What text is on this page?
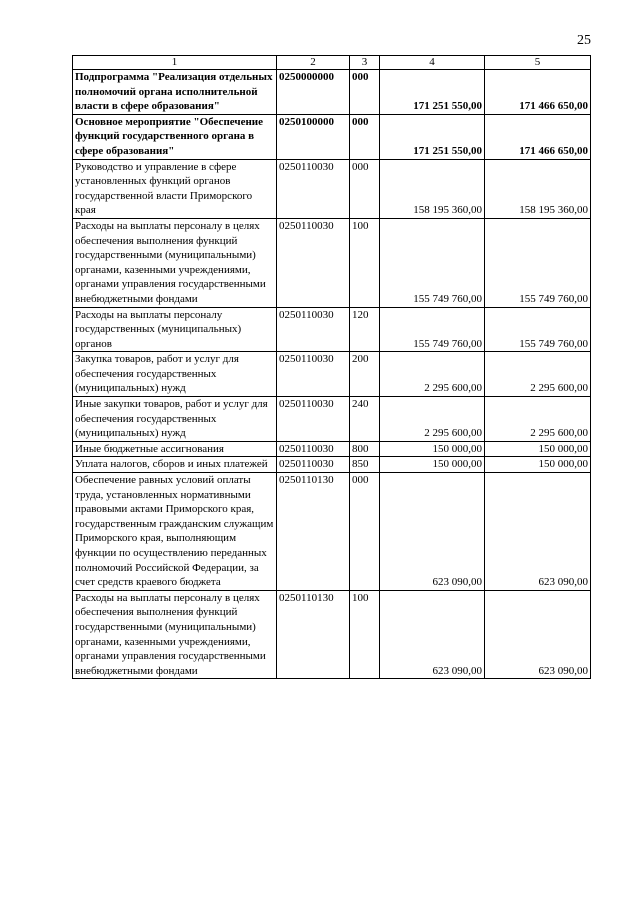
25
1	2	3	4	5
Подпрограмма "Реализация отдельных полномочий органа исполнительной власти в сфере образования"	0250000000	000	171 251 550,00	171 466 650,00
Основное мероприятие "Обеспечение функций государственного органа в сфере образования"	0250100000	000	171 251 550,00	171 466 650,00
Руководство и управление в сфере установленных функций органов государственной власти Приморского края	0250110030	000	158 195 360,00	158 195 360,00
Расходы на выплаты персоналу в целях обеспечения выполнения функций государственными (муниципальными) органами, казенными учреждениями, органами управления государственными внебюджетными фондами	0250110030	100	155 749 760,00	155 749 760,00
Расходы на выплаты персоналу государственных (муниципальных) органов	0250110030	120	155 749 760,00	155 749 760,00
Закупка товаров, работ и услуг для обеспечения государственных (муниципальных) нужд	0250110030	200	2 295 600,00	2 295 600,00
Иные закупки товаров, работ и услуг для обеспечения государственных (муниципальных) нужд	0250110030	240	2 295 600,00	2 295 600,00
Иные бюджетные ассигнования	0250110030	800	150 000,00	150 000,00
Уплата налогов, сборов и иных платежей	0250110030	850	150 000,00	150 000,00
Обеспечение равных условий оплаты труда, установленных нормативными правовыми актами Приморского края, государственным гражданским служащим Приморского края, выполняющим функции по осуществлению переданных полномочий Российской Федерации, за счет средств краевого бюджета	0250110130	000	623 090,00	623 090,00
Расходы на выплаты персоналу в целях обеспечения выполнения функций государственными (муниципальными) органами, казенными учреждениями, органами управления государственными внебюджетными фондами	0250110130	100	623 090,00	623 090,00
